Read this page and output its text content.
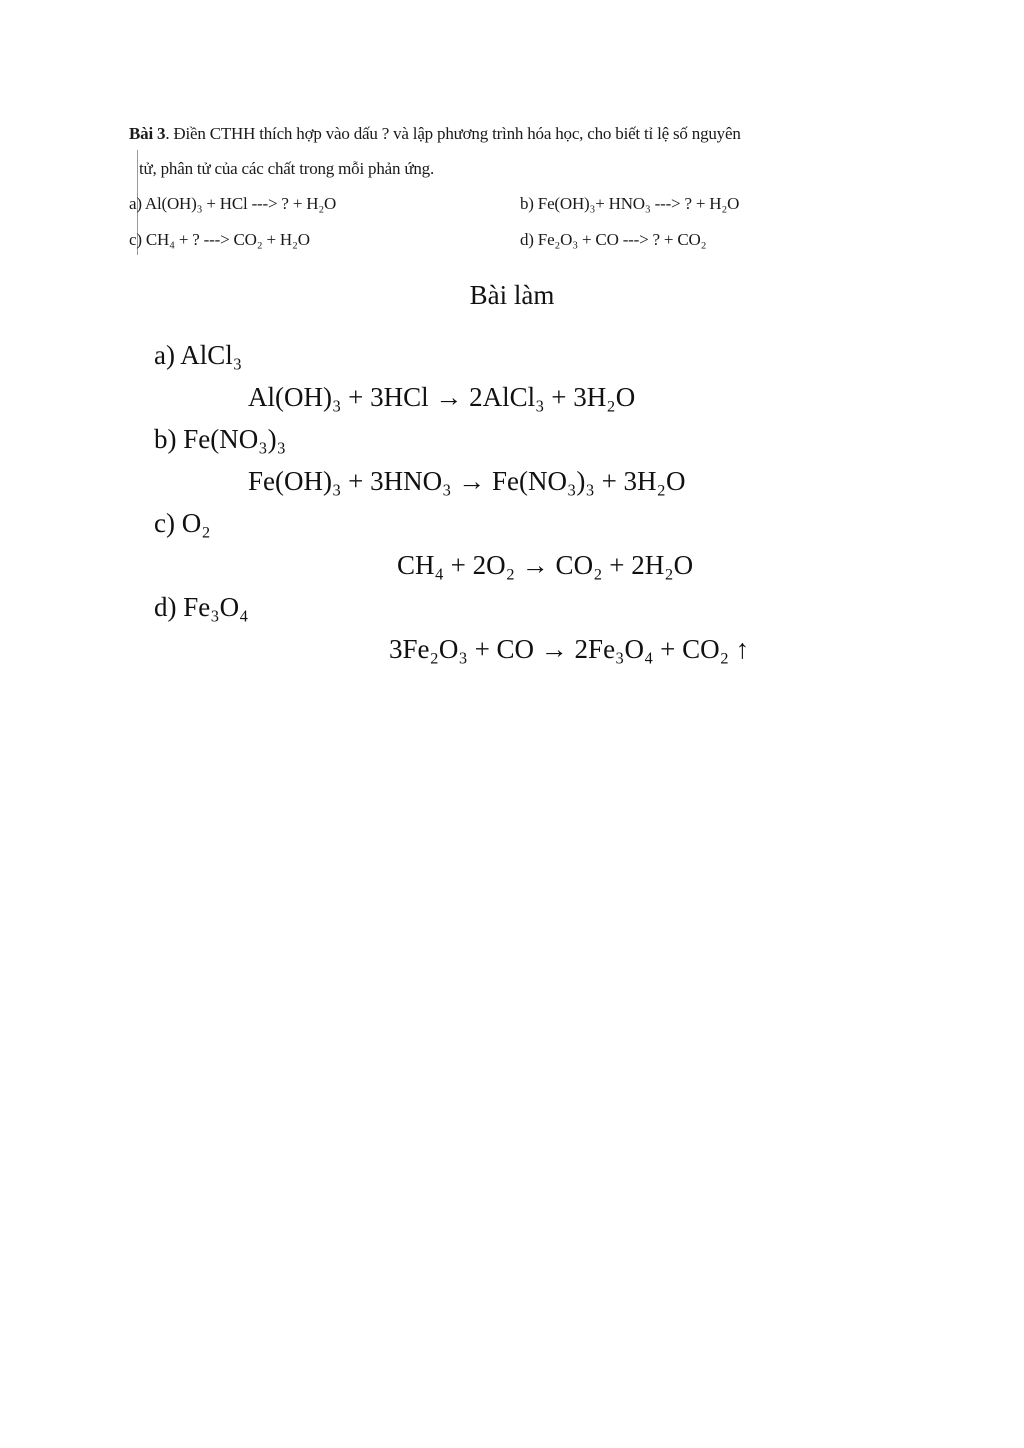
Bài 3. Điền CTHH thích hợp vào dấu ? và lập phương trình hóa học, cho biết tỉ lệ số nguyên
tử, phân tử của các chất trong mỗi phản ứng.
a) Al(OH)₃ + HCl ---> ? + H₂O	b) Fe(OH)₃+ HNO₃ ---> ? + H₂O
c) CH₄ + ? ---> CO₂ + H₂O	d) Fe₂O₃ + CO ---> ? + CO₂
Bài làm
a) AlCl₃
Al(OH)₃ + 3HCl → 2AlCl₃ + 3H₂O
b) Fe(NO₃)₃
Fe(OH)₃ + 3HNO₃ → Fe(NO₃)₃ + 3H₂O
c) O₂
CH₄ + 2O₂ → CO₂ + 2H₂O
d) Fe₃O₄
3Fe₂O₃ + CO → 2Fe₃O₄ + CO₂ ↑
